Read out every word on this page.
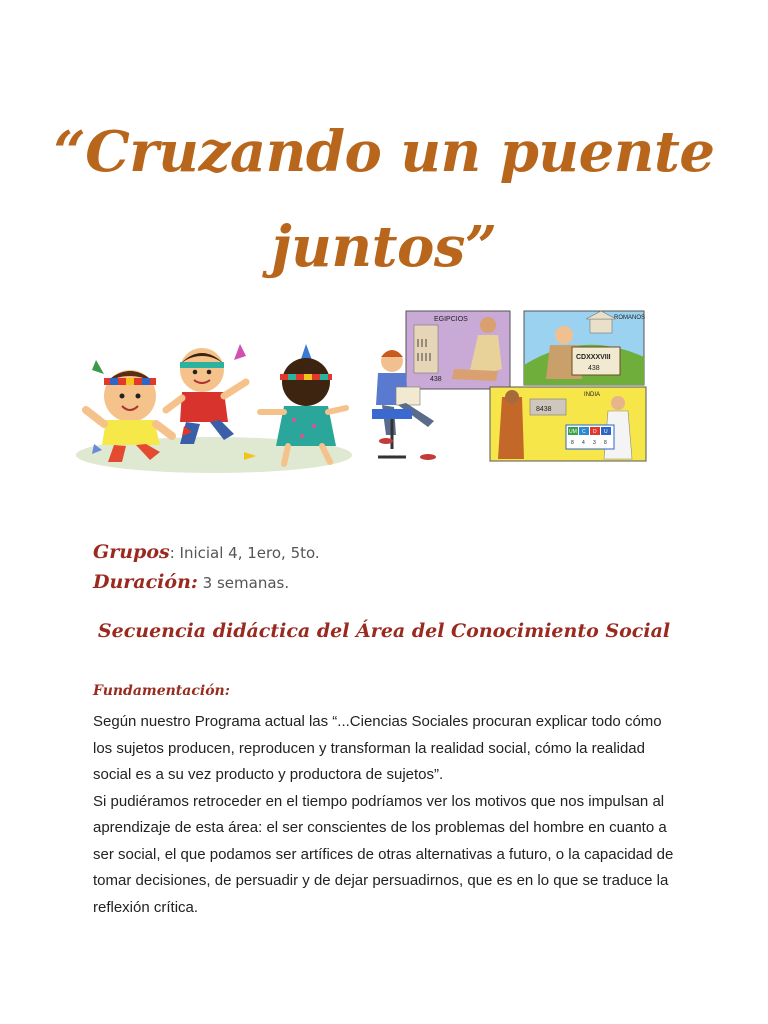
“Cruzando un puente
juntos”
EGIPCIOS
438
ROMANOS
CDXXXVIII
438
INDIA
8438
UM C D U
8 4 3 8
Grupos: Inicial 4, 1ero, 5to.
Duración: 3 semanas.
Secuencia didáctica del Área del Conocimiento Social
Fundamentación:

Según nuestro Programa actual las “...Ciencias Sociales procuran explicar todo cómo los sujetos producen, reproducen y transforman la realidad social, cómo la realidad social es a su vez producto y productora de sujetos”.

Si pudiéramos retroceder en el tiempo podríamos ver los motivos que nos impulsan al aprendizaje de esta área: el ser conscientes de los problemas del hombre en cuanto a ser social, el que podamos ser artífices de otras alternativas a futuro, o la capacidad de tomar decisiones, de persuadir y de dejar persuadirnos, que es en lo que se traduce la reflexión crítica.
